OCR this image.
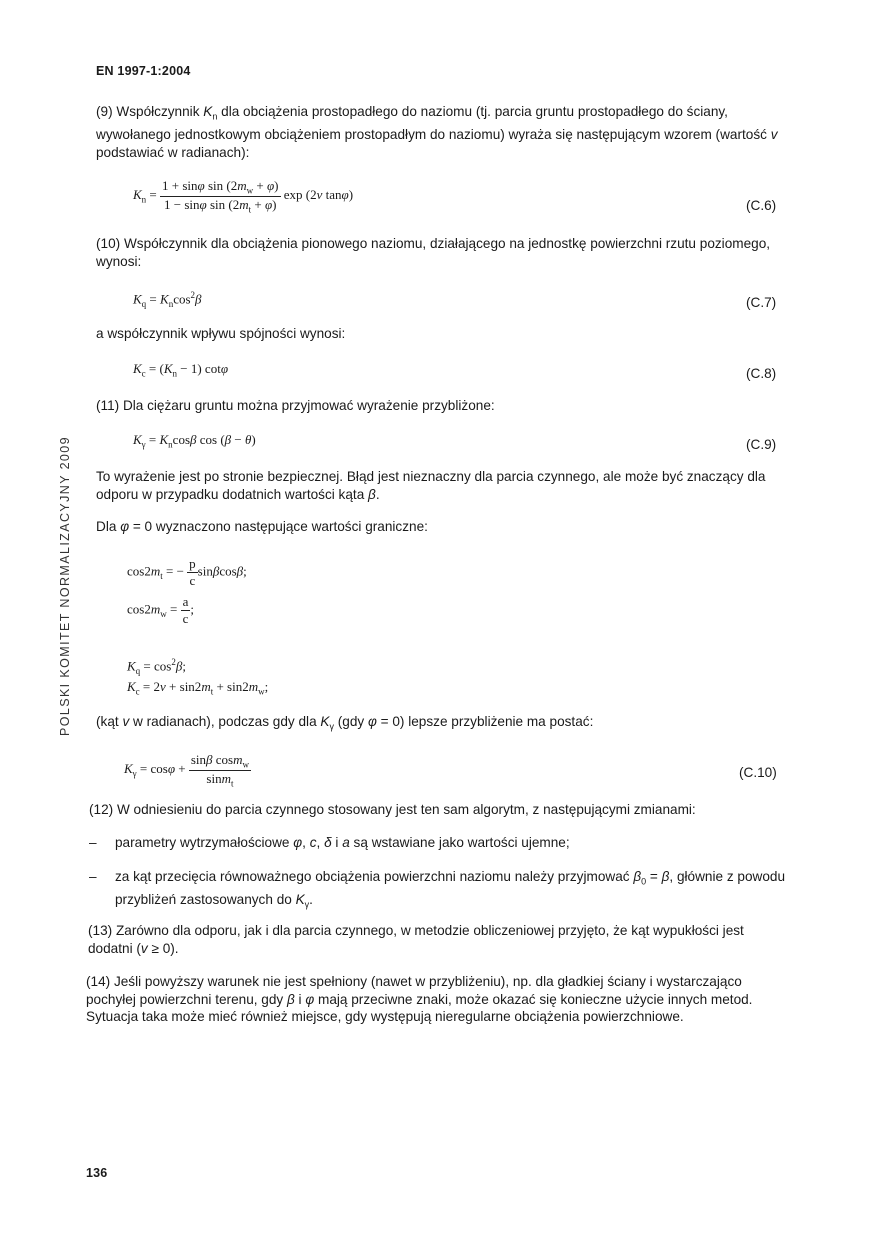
EN 1997-1:2004
POLSKI KOMITET NORMALIZACYJNY 2009
(9) Współczynnik $K_n$ dla obciążenia prostopadłego do naziomu (tj. parcia gruntu prostopadłego do ściany, wywołanego jednostkowym obciążeniem prostopadłym do naziomu) wyraża się następującym wzorem (wartość v podstawiać w radianach):
$K_n = \frac{1 + \sin\varphi \sin (2m_w + \varphi)}{1 - \sin\varphi \sin (2m_t + \varphi)}$ exp (2v tanφ)
(C.6)
(10) Współczynnik dla obciążenia pionowego naziomu, działającego na jednostkę powierzchni rzutu poziomego, wynosi:
$K_q = K_n\cos^2\beta$	(C.7)
a współczynnik wpływu spójności wynosi:
$K_c = (K_n - 1)$ cotφ	(C.8)
(11) Dla ciężaru gruntu można przyjmować wyrażenie przybliżone:
$K_\gamma = K_n\cos\beta$ cos (β − θ)	(C.9)
To wyrażenie jest po stronie bezpiecznej. Błąd jest nieznaczny dla parcia czynnego, ale może być znaczący dla odporu w przypadku dodatnich wartości kąta β.
Dla φ = 0 wyznaczono następujące wartości graniczne:
$\cos 2m_t$ = − $\frac{p}{c} \sin\beta\cos\beta$;
$\cos 2m_w = \frac{a}{c}$ ;
$K_q = \cos^2\beta$;
$K_c = 2v + \sin 2m_t + \sin 2m_w$;
(kąt v w radianach), podczas gdy dla $K_\gamma$ (gdy φ = 0) lepsze przybliżenie ma postać:
$K_\gamma = \cos\varphi + \frac{\sin\beta \cos m_w}{\sin m_t}$	(C.10)
(12) W odniesieniu do parcia czynnego stosowany jest ten sam algorytm, z następującymi zmianami:
– parametry wytrzymałościowe φ, c, δ i a są wstawiane jako wartości ujemne;
–	za kąt przecięcia równoważnego obciążenia powierzchni naziomu należy przyjmować $\beta_0 = \beta$, głównie z powodu przybliżeń zastosowanych do $K_\gamma$.
(13) Zarówno dla odporu, jak i dla parcia czynnego, w metodzie obliczeniowej przyjęto, że kąt wypukłości jest dodatni (v ≥ 0).
(14) Jeśli powyższy warunek nie jest spełniony (nawet w przybliżeniu), np. dla gładkiej ściany i wystarczająco pochyłej powierzchni terenu, gdy β i φ mają przeciwne znaki, może okazać się konieczne użycie innych metod. Sytuacja taka może mieć również miejsce, gdy występują nieregularne obciążenia powierzchniowe.
136
